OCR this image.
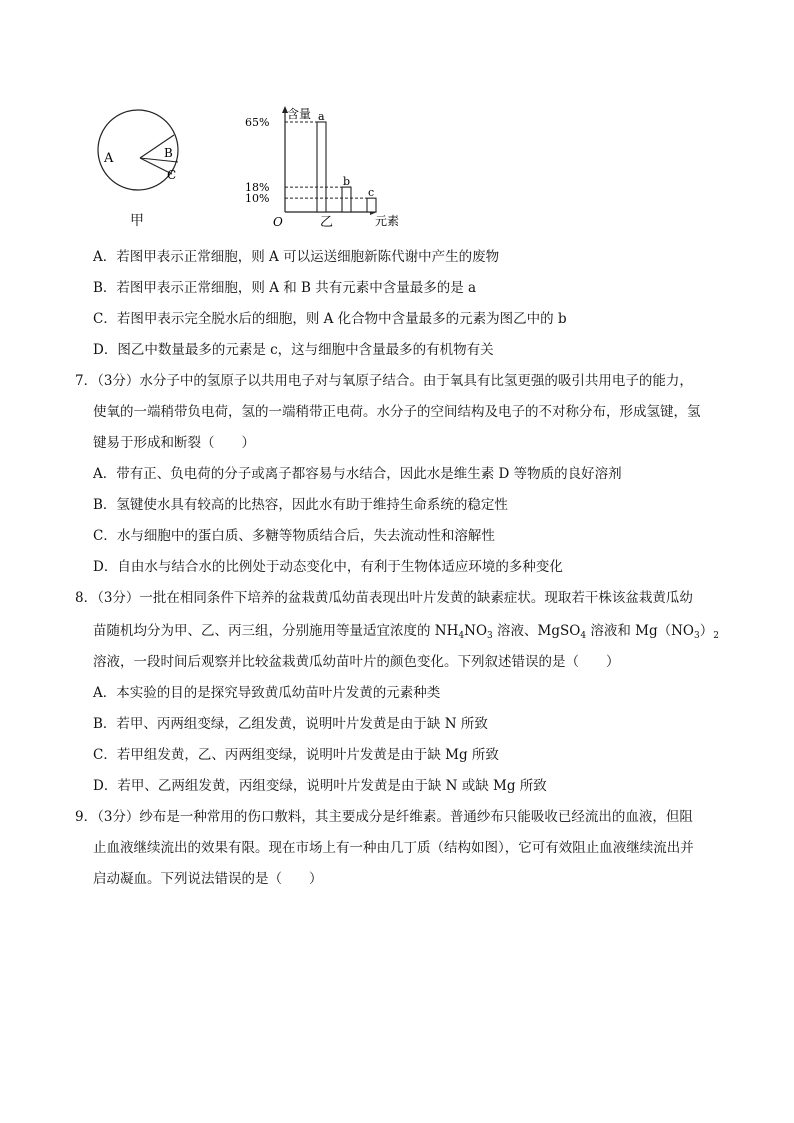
A	B
C
甲
含量
元素
O	乙
a
65%
b
18%	c
10%
A．若图甲表示正常细胞，则 A 可以运送细胞新陈代谢中产生的废物
B．若图甲表示正常细胞，则 A 和 B 共有元素中含量最多的是 a
C．若图甲表示完全脱水后的细胞，则 A 化合物中含量最多的元素为图乙中的 b
D．图乙中数量最多的元素是 c，这与细胞中含量最多的有机物有关
7．（3分）水分子中的氢原子以共用电子对与氧原子结合。由于氧具有比氢更强的吸引共用电子的能力，
使氧的一端稍带负电荷，氢的一端稍带正电荷。水分子的空间结构及电子的不对称分布，形成氢键，氢
键易于形成和断裂（　　）
A．带有正、负电荷的分子或离子都容易与水结合，因此水是维生素 D 等物质的良好溶剂
B．氢键使水具有较高的比热容，因此水有助于维持生命系统的稳定性
C．水与细胞中的蛋白质、多糖等物质结合后，失去流动性和溶解性
D．自由水与结合水的比例处于动态变化中，有利于生物体适应环境的多种变化
8．（3分）一批在相同条件下培养的盆栽黄瓜幼苗表现出叶片发黄的缺素症状。现取若干株该盆栽黄瓜幼
苗随机均分为甲、乙、丙三组，分别施用等量适宜浓度的 $NH_4NO_3$ 溶液、MgSO$_4$ 溶液和 $Mg(NO_3)_2$
溶液，一段时间后观察并比较盆栽黄瓜幼苗叶片的颜色变化。下列叙述错误的是（　　）
A．本实验的目的是探究导致黄瓜幼苗叶片发黄的元素种类
B．若甲、丙两组变绿，乙组发黄，说明叶片发黄是由于缺 N 所致
C．若甲组发黄，乙、丙两组变绿，说明叶片发黄是由于缺 Mg 所致
D．若甲、乙两组发黄，丙组变绿，说明叶片发黄是由于缺 N 或缺 Mg 所致
9．（3分）纱布是一种常用的伤口敷料，其主要成分是纤维素。普通纱布只能吸收已经流出的血液，但阻
止血液继续流出的效果有限。现在市场上有一种由几丁质（结构如图），它可有效阻止血液继续流出并
启动凝血。下列说法错误的是（　　）
